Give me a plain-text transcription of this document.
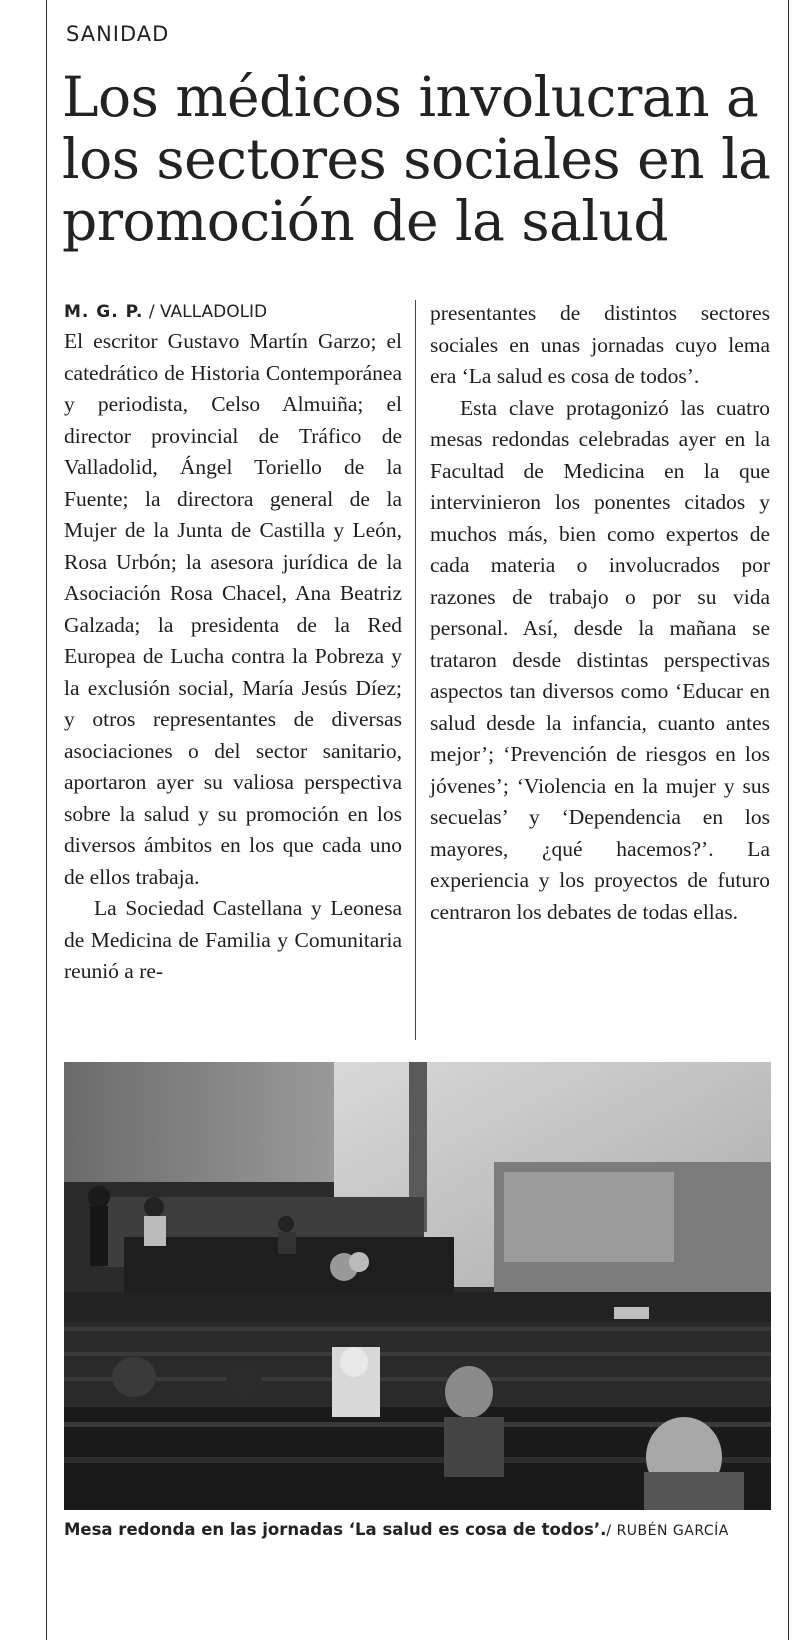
SANIDAD
Los médicos involucran a los sectores sociales en la promoción de la salud
M. G. P. / VALLADOLID

El escritor Gustavo Martín Garzo; el catedrático de Historia Contemporánea y periodista, Celso Almuiña; el director provincial de Tráfico de Valladolid, Ángel Toriello de la Fuente; la directora general de la Mujer de la Junta de Castilla y León, Rosa Urbón; la asesora jurídica de la Asociación Rosa Chacel, Ana Beatriz Galzada; la presidenta de la Red Europea de Lucha contra la Pobreza y la exclusión social, María Jesús Díez; y otros representantes de diversas asociaciones o del sector sanitario, aportaron ayer su valiosa perspectiva sobre la salud y su promoción en los diversos ámbitos en los que cada uno de ellos trabaja.

La Sociedad Castellana y Leonesa de Medicina de Familia y Comunitaria reunió a re-

presentantes de distintos sectores sociales en unas jornadas cuyo lema era ‘La salud es cosa de todos’.

Esta clave protagonizó las cuatro mesas redondas celebradas ayer en la Facultad de Medicina en la que intervinieron los ponentes citados y muchos más, bien como expertos de cada materia o involucrados por razones de trabajo o por su vida personal. Así, desde la mañana se trataron desde distintas perspectivas aspectos tan diversos como ‘Educar en salud desde la infancia, cuanto antes mejor’; ‘Prevención de riesgos en los jóvenes’; ‘Violencia en la mujer y sus secuelas’ y ‘Dependencia en los mayores, ¿qué hacemos?’. La experiencia y los proyectos de futuro centraron los debates de todas ellas.

Mesa redonda en las jornadas ‘La salud es cosa de todos’./ RUBÉN GARCÍA
